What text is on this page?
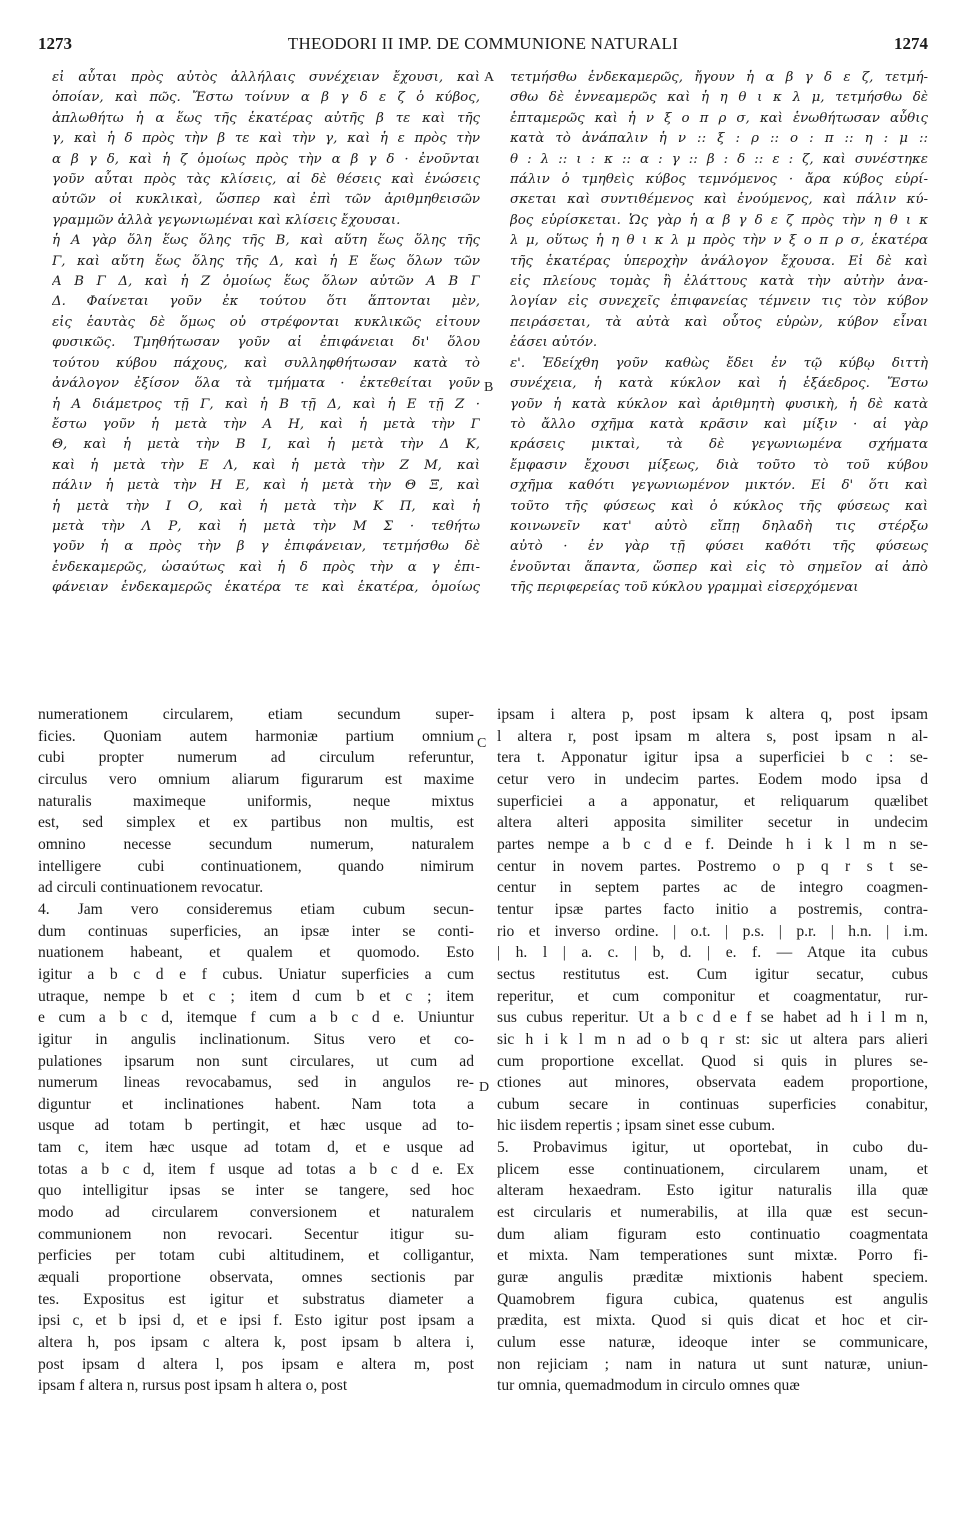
1273	THEODORI II IMP. DE COMMUNIONE NATURALI	1274
A
B
C
D
εἰ αὗται πρὸς αὐτὸς ἀλλήλαις συνέχειαν ἔχουσι, καὶ
ὁποίαν, καὶ πῶς. Ἔστω τοίνυν α β γ δ ε ζ ὁ κύβος,
ἀπλωθήτω ἡ α ἕως τῆς ἑκατέρας αὐτῆς β τε καὶ τῆς
γ, καὶ ἡ δ πρὸς τὴν β τε καὶ τὴν γ, καὶ ἡ ε πρὸς τὴν
α β γ δ, καὶ ἡ ζ ὁμοίως πρὸς τὴν α β γ δ · ἐνοῦνται
γοῦν αὗται πρὸς τὰς κλίσεις, αἱ δὲ θέσεις καὶ ἑνώσεις
αὐτῶν οἱ κυκλικαὶ, ὥσπερ καὶ ἐπὶ τῶν ἀριθμηθεισῶν
γραμμῶν ἀλλὰ γεγωνιωμέναι καὶ κλίσεις ἔχουσαι.
ἡ Α γὰρ ὅλη ἕως ὅλης τῆς Β, καὶ αὕτη ἕως ὅλης τῆς
Γ, καὶ αὕτη ἕως ὅλης τῆς Δ, καὶ ἡ Ε ἕως ὅλων τῶν
Α Β Γ Δ, καὶ ἡ Ζ ὁμοίως ἕως ὅλων αὐτῶν Α Β Γ
Δ. Φαίνεται γοῦν ἐκ τούτου ὅτι ἅπτονται μὲν,
εἰς ἑαυτὰς δὲ ὅμως οὐ στρέφονται κυκλικῶς εἰτουν
φυσικῶς. Τμηθήτωσαν γοῦν αἱ ἐπιφάνειαι δι' ὅλου
τούτου κύβου πάχους, καὶ συλληφθήτωσαν κατὰ τὸ
ἀνάλογον ἐξίσον ὅλα τὰ τμήματα · ἐκτεθείται γοῦν
ἡ Α διάμετρος τῇ Γ, καὶ ἡ Β τῇ Δ, καὶ ἡ Ε τῇ Ζ ·
ἔστω γοῦν ἡ μετὰ τὴν Α Η, καὶ ἡ μετὰ τὴν Γ
Θ, καὶ ἡ μετὰ τὴν Β Ι, καὶ ἡ μετὰ τὴν Δ Κ,
καὶ ἡ μετὰ τὴν Ε Λ, καὶ ἡ μετὰ τὴν Ζ Μ, καὶ
πάλιν ἡ μετὰ τὴν Η Ε, καὶ ἡ μετὰ τὴν Θ Ξ, καὶ
ἡ μετὰ τὴν Ι Ο, καὶ ἡ μετὰ τὴν Κ Π, καὶ ἡ
μετὰ τὴν Λ Ρ, καὶ ἡ μετὰ τὴν Μ Σ · τεθήτω
γοῦν ἡ α πρὸς τὴν β γ ἐπιφάνειαν, τετμήσθω δὲ
ἑνδεκαμερῶς, ὡσαύτως καὶ ἡ δ πρὸς τὴν α γ ἐπι-
φάνειαν ἑνδεκαμερῶς ἑκατέρα τε καὶ ἑκατέρα, ὁμοίως
τετμήσθω ἑνδεκαμερῶς, ἤγουν ἡ α β γ δ ε ζ, τετμή-
σθω δὲ ἐννεαμερῶς καὶ ἡ η θ ι κ λ μ, τετμήσθω δὲ
ἑπταμερῶς καὶ ἡ ν ξ ο π ρ σ, καὶ ἑνωθήτωσαν αὖθις
κατὰ τὸ ἀνάπαλιν ἡ ν :: ξ : ρ :: ο : π :: η : μ ::
θ : λ :: ι : κ :: α : γ :: β : δ :: ε : ζ, καὶ συνέστηκε
πάλιν ὁ τμηθεὶς κύβος τεμνόμενος · ἄρα κύβος εὑρί-
σκεται καὶ συντιθέμενος καὶ ἑνούμενος, καὶ πάλιν κύ-
βος εὑρίσκεται. Ὡς γὰρ ἡ α β γ δ ε ζ πρὸς τὴν η θ ι κ
λ μ, οὕτως ἡ η θ ι κ λ μ πρὸς τὴν ν ξ ο π ρ σ, ἑκατέρα
τῆς ἑκατέρας ὑπεροχὴν ἀνάλογον ἔχουσα. Εἰ δὲ καὶ
εἰς πλείους τομὰς ἢ ἐλάττους κατὰ τὴν αὐτὴν ἀνα-
λογίαν εἰς συνεχεῖς ἐπιφανείας τέμνειν τις τὸν κύβον
πειράσεται, τὰ αὐτὰ καὶ οὗτος εὑρὼν, κύβον εἶναι
ἐάσει αὐτόν.
ε'. Ἐδείχθη γοῦν καθὼς ἔδει ἐν τῷ κύβῳ διττὴ
συνέχεια, ἡ κατὰ κύκλον καὶ ἡ ἑξάεδρος. Ἔστω
γοῦν ἡ κατὰ κύκλον καὶ ἀριθμητὴ φυσικὴ, ἡ δὲ κατὰ
τὸ ἄλλο σχῆμα κατὰ κρᾶσιν καὶ μίξιν · αἱ γὰρ
κράσεις μικταὶ, τὰ δὲ γεγωνιωμένα σχήματα
ἔμφασιν ἔχουσι μίξεως, διὰ τοῦτο τὸ τοῦ κύβου
σχῆμα καθότι γεγωνιωμένον μικτόν. Εἰ δ' ὅτι καὶ
τοῦτο τῆς φύσεως καὶ ὁ κύκλος τῆς φύσεως καὶ
κοινωνεῖν κατ' αὐτὸ εἴπῃ δηλαδὴ τις στέρξω
αὐτὸ · ἐν γὰρ τῇ φύσει καθότι τῆς φύσεως
ἑνοῦνται ἅπαντα, ὥσπερ καὶ εἰς τὸ σημεῖον αἱ ἀπὸ
τῆς περιφερείας τοῦ κύκλου γραμμαὶ εἰσερχόμεναι
numerationem circularem, etiam secundum super-
ficies. Quoniam autem harmoniæ partium omnium
cubi propter numerum ad circulum referuntur,
circulus vero omnium aliarum figurarum est maxime
naturalis maximeque uniformis, neque mixtus
est, sed simplex et ex partibus non multis, est
omnino necesse secundum numerum, naturalem
intelligere cubi continuationem, quando nimirum
ad circuli continuationem revocatur.
4. Jam vero consideremus etiam cubum secun-
dum continuas superficies, an ipsæ inter se conti-
nuationem habeant, et qualem et quomodo. Esto
igitur a b c d e f cubus. Uniatur superficies a cum
utraque, nempe b et c ; item d cum b et c ; item
e cum a b c d, itemque f cum a b c d e. Uniuntur
igitur in angulis inclinationum. Situs vero et co-
pulationes ipsarum non sunt circulares, ut cum ad
numerum lineas revocabamus, sed in angulos re-
diguntur et inclinationes habent. Nam tota a
usque ad totam b pertingit, et hæc usque ad to-
tam c, item hæc usque ad totam d, et e usque ad
totas a b c d, item f usque ad totas a b c d e. Ex
quo intelligitur ipsas se inter se tangere, sed hoc
modo ad circularem conversionem et naturalem
communionem non revocari. Secentur itigur su-
perficies per totam cubi altitudinem, et colligantur,
æquali proportione observata, omnes sectionis par
tes. Expositus est igitur et substratus diameter a
ipsi c, et b ipsi d, et e ipsi f. Esto igitur post ipsam a
altera h, pos ipsam c altera k, post ipsam b altera i,
post ipsam d altera l, pos ipsam e altera m, post
ipsam f altera n, rursus post ipsam h altera o, post
ipsam i altera p, post ipsam k altera q, post ipsam
l altera r, post ipsam m altera s, post ipsam n al-
tera t. Apponatur igitur ipsa a superficiei b c : se-
cetur vero in undecim partes. Eodem modo ipsa d
superficiei a a apponatur, et reliquarum quælibet
altera alteri apposita similiter secetur in undecim
partes nempe a b c d e f. Deinde h i k l m n se-
centur in novem partes. Postremo o p q r s t se-
centur in septem partes ac de integro coagmen-
tentur ipsæ partes facto initio a postremis, contra-
rio et inverso ordine. | o.t. | p.s. | p.r. | h.n. | i.m.
| h. l | a. c. | b, d. | e. f. — Atque ita cubus
sectus restitutus est. Cum igitur secatur, cubus
reperitur, et cum componitur et coagmentatur, rur-
sus cubus reperitur. Ut a b c d e f se habet ad h i l m n,
sic h i k l m n ad o b q r st: sic ut altera pars alieri
cum proportione excellat. Quod si quis in plures se-
ctiones aut minores, observata eadem proportione,
cubum secare in continuas superficies conabitur,
hic iisdem repertis ; ipsam sinet esse cubum.
5. Probavimus igitur, ut oportebat, in cubo du-
plicem esse continuationem, circularem unam, et
alteram hexaedram. Esto igitur naturalis illa quæ
est circularis et numerabilis, at illa quæ est secun-
dum aliam figuram esto continuatio coagmentata
et mixta. Nam temperationes sunt mixtæ. Porro fi-
guræ angulis præditæ mixtionis habent speciem.
Quamobrem figura cubica, quatenus est angulis
prædita, est mixta. Quod si quis dicat et hoc et cir-
culum esse naturæ, ideoque inter se communicare,
non rejiciam ; nam in natura ut sunt naturæ, uniun-
tur omnia, quemadmodum in circulo omnes quæ
